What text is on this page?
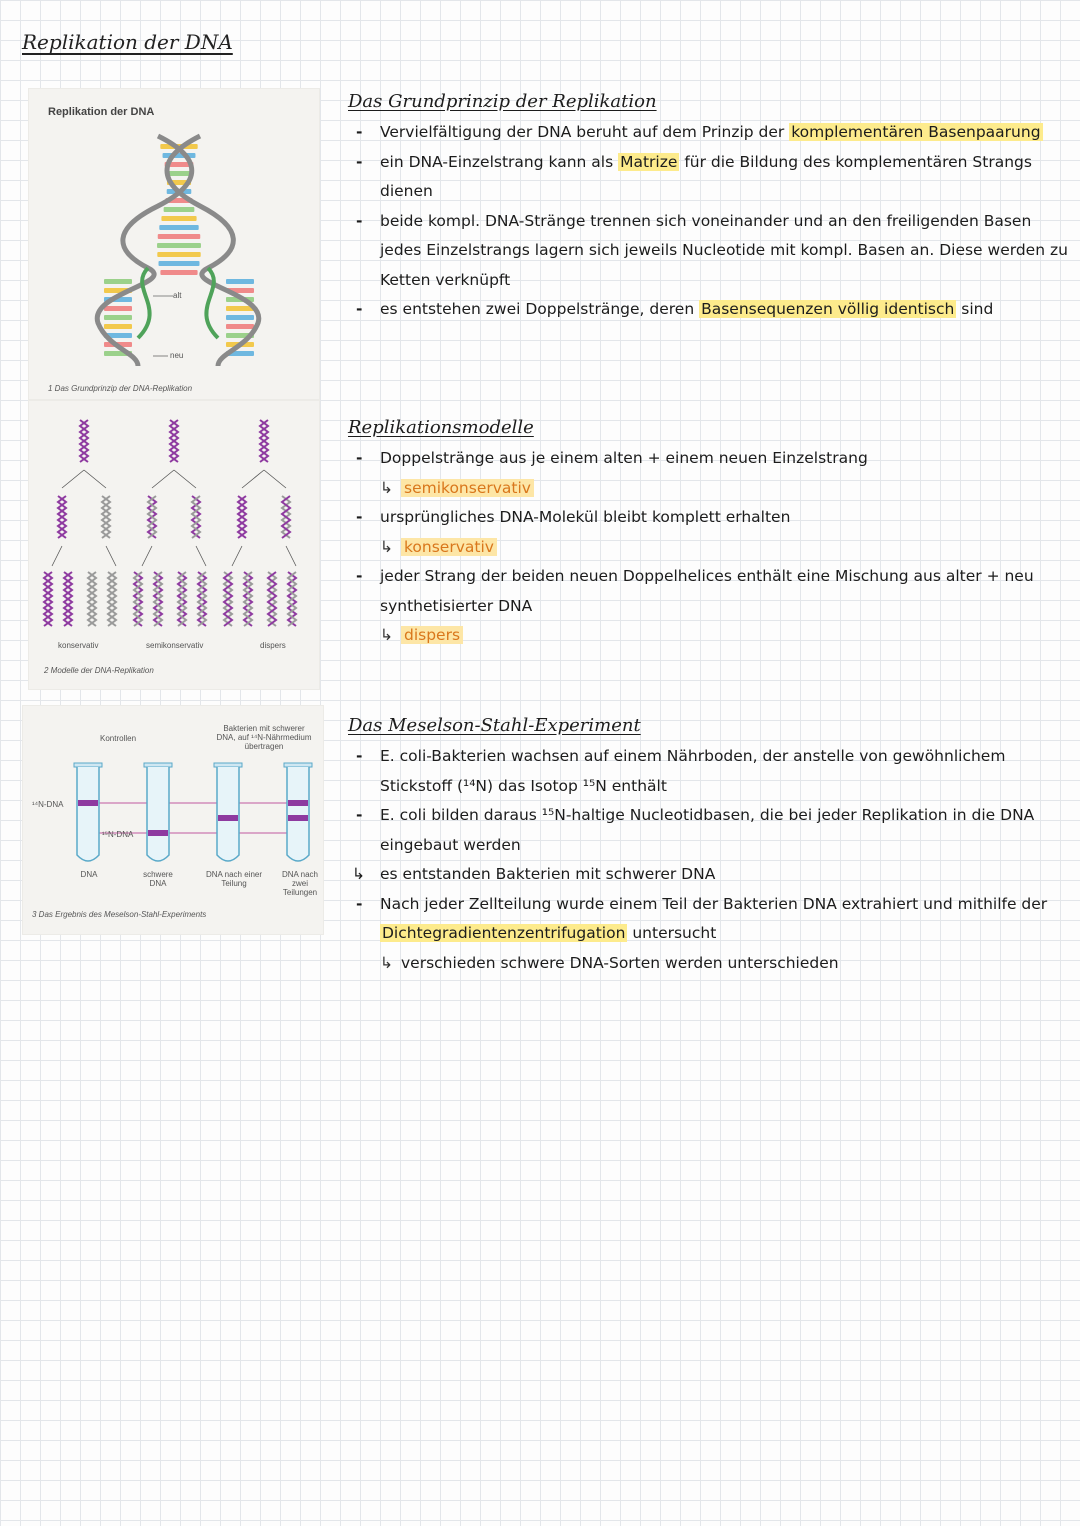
Replikation der DNA
Replikation der DNA
alt
neu
1 Das Grundprinzip der DNA-Replikation
konservativ	semikonservativ	dispers
2 Modelle der DNA-Replikation
Kontrollen
Bakterien mit schwerer DNA, auf ¹⁴N-Nährmedium übertragen
¹⁴N-DNA
¹⁵N-DNA
DNA	schwere DNA
DNA nach einer Teilung
DNA nach zwei Teilungen
3 Das Ergebnis des Meselson-Stahl-Experiments
Das Grundprinzip der Replikation
- Vervielfältigung der DNA beruht auf dem Prinzip der komplementären Basenpaarung
- ein DNA-Einzelstrang kann als Matrize für die Bildung des komplementären Strangs dienen
- beide kompl. DNA-Stränge trennen sich voneinander und an den freiligenden Basen jedes Einzelstrangs lagern sich jeweils Nucleotide mit kompl. Basen an. Diese werden zu Ketten verknüpft
- es entstehen zwei Doppelstränge, deren Basensequenzen völlig identisch sind
Replikationsmodelle
- Doppelstränge aus je einem alten + einem neuen Einzelstrang
↳ semikonservativ
- ursprüngliches DNA-Molekül bleibt komplett erhalten
↳ konservativ
- jeder Strang der beiden neuen Doppelhelices enthält eine Mischung aus alter + neu synthetisierter DNA
↳ dispers
Das Meselson-Stahl-Experiment
- E. coli-Bakterien wachsen auf einem Nährboden, der anstelle von gewöhnlichem Stickstoff (¹⁴N) das Isotop ¹⁵N enthält
- E. coli bilden daraus ¹⁵N-haltige Nucleotidbasen, die bei jeder Replikation in die DNA eingebaut werden
↳ es entstanden Bakterien mit schwerer DNA
- Nach jeder Zellteilung wurde einem Teil der Bakterien DNA extrahiert und mithilfe der Dichtegradientenzentrifugation untersucht
↳ verschieden schwere DNA-Sorten werden unterschieden
